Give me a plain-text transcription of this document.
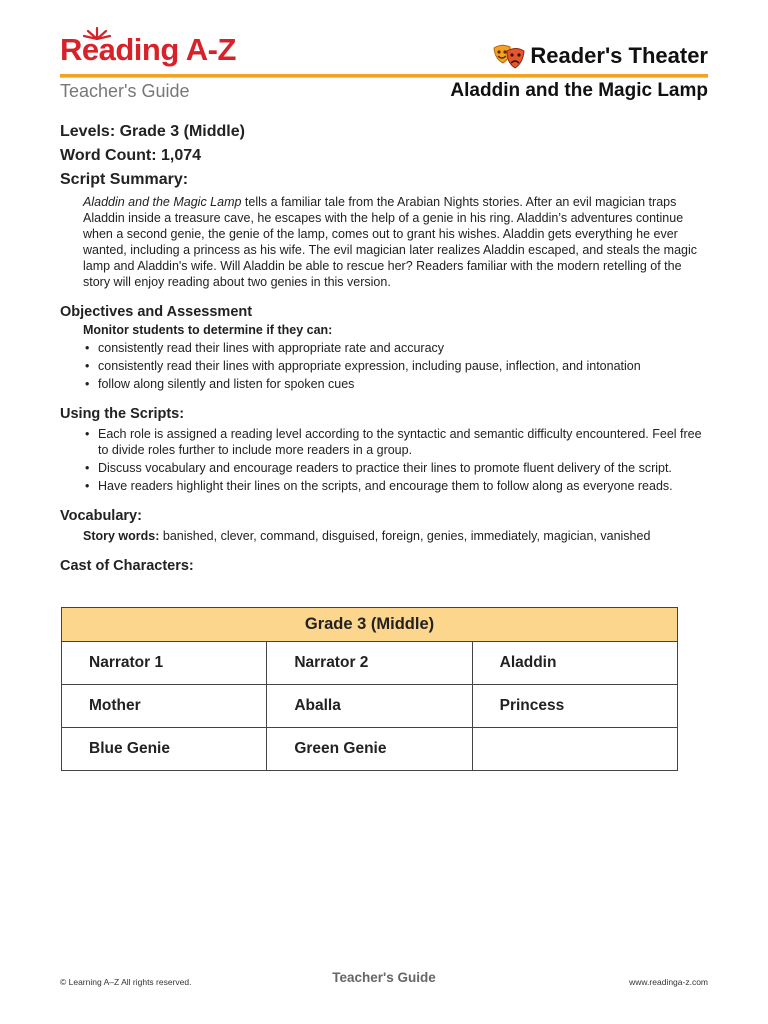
Reading A-Z	Reader's Theater
Teacher's Guide	Aladdin and the Magic Lamp

Levels: Grade 3 (Middle)

Word Count: 1,074

Script Summary:

Aladdin and the Magic Lamp tells a familiar tale from the Arabian Nights stories. After an evil magician traps Aladdin inside a treasure cave, he escapes with the help of a genie in his ring. Aladdin’s adventures continue when a second genie, the genie of the lamp, comes out to grant his wishes. Aladdin gets everything he ever wanted, including a princess as his wife. The evil magician later realizes Aladdin escaped, and steals the magic lamp and Aladdin's wife. Will Aladdin be able to rescue her? Readers familiar with the modern retelling of the story will enjoy reading about two genies in this version.

Objectives and Assessment

Monitor students to determine if they can:

• consistently read their lines with appropriate rate and accuracy
• consistently read their lines with appropriate expression, including pause, inflection, and intonation
• follow along silently and listen for spoken cues

Using the Scripts:

• Each role is assigned a reading level according to the syntactic and semantic difficulty encountered. Feel free to divide roles further to include more readers in a group.
• Discuss vocabulary and encourage readers to practice their lines to promote fluent delivery of the script.
• Have readers highlight their lines on the scripts, and encourage them to follow along as everyone reads.

Vocabulary:

Story words: banished, clever, command, disguised, foreign, genies, immediately, magician, vanished

Cast of Characters:

Grade 3 (Middle)		
Narrator 1	Narrator 2	Aladdin
Mother	Aballa	Princess
Blue Genie	Green Genie	
© Learning A–Z All rights reserved.	Teacher's Guide	www.readinga-z.com
